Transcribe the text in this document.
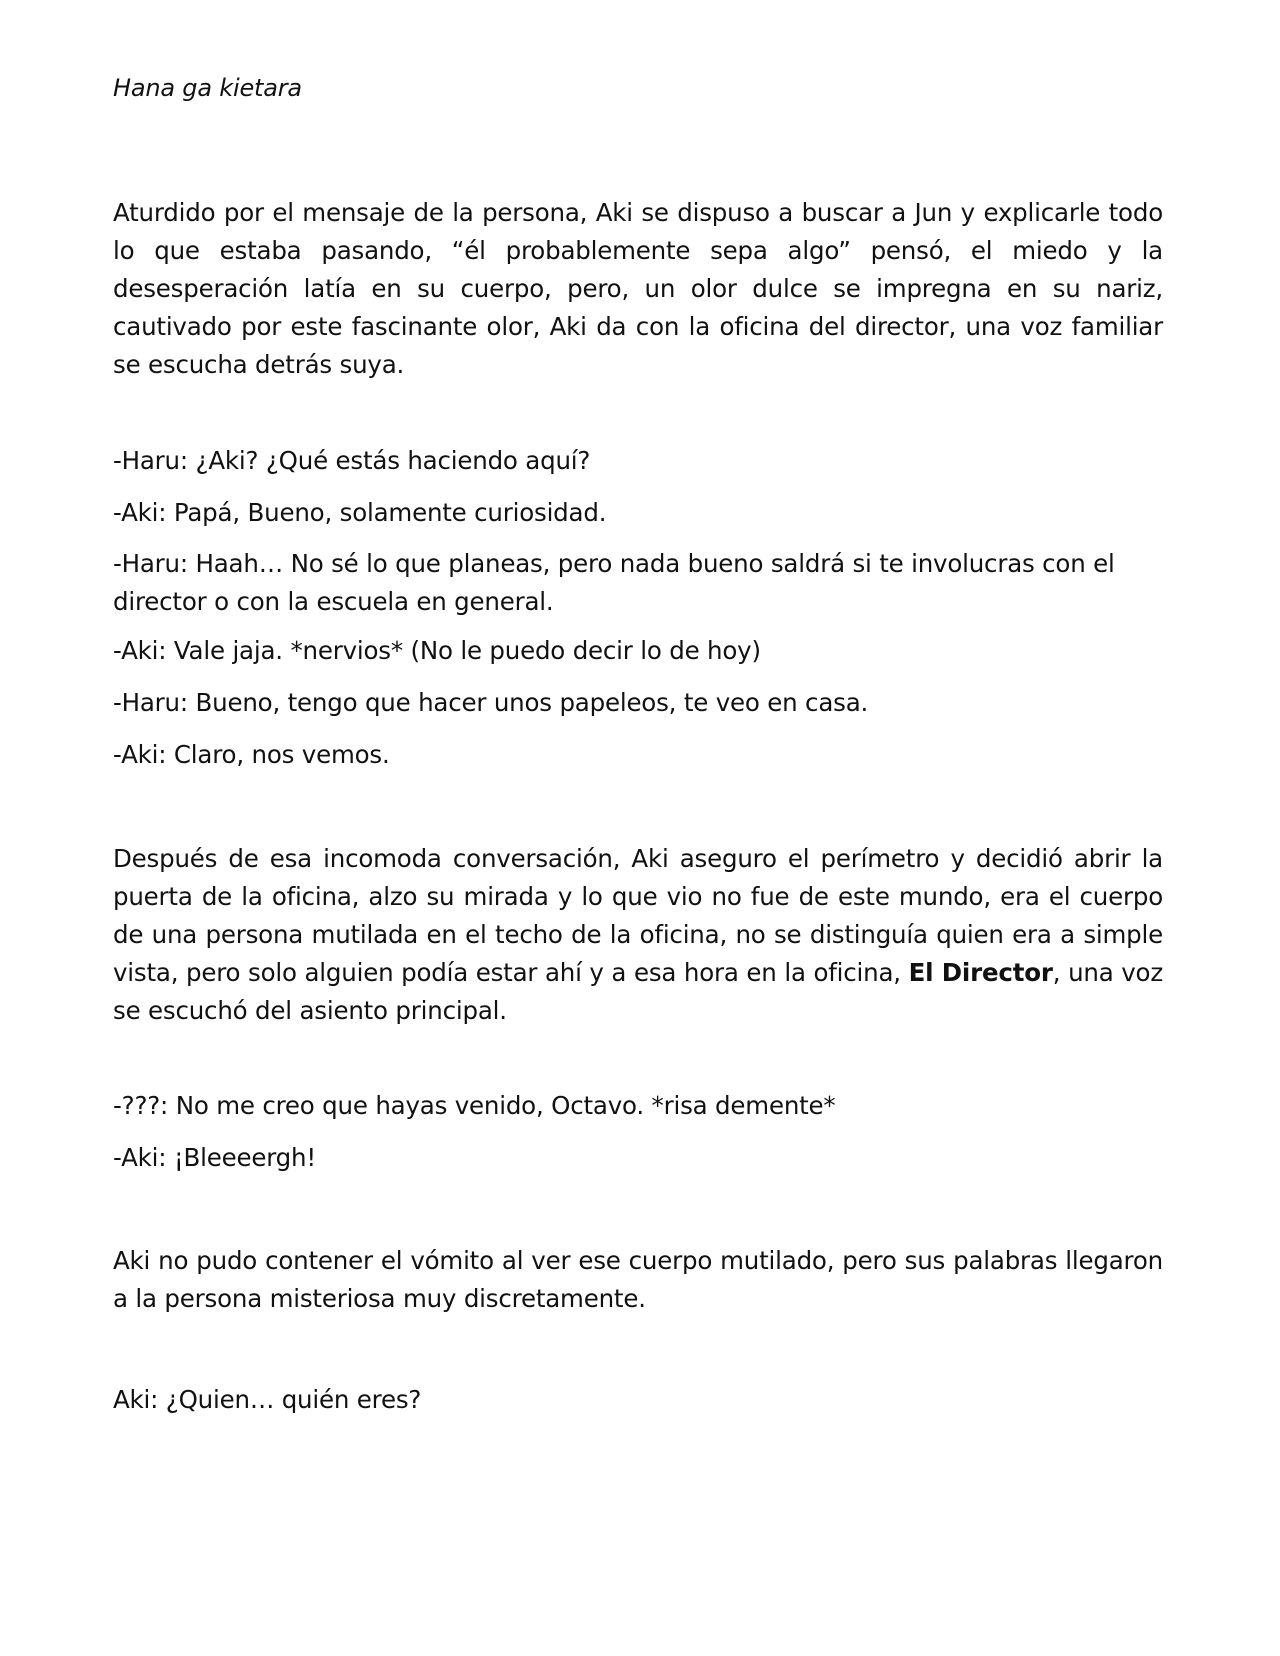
Hana ga kietara

Aturdido por el mensaje de la persona, Aki se dispuso a buscar a Jun y explicarle todo lo que estaba pasando, “él probablemente sepa algo” pensó, el miedo y la desesperación latía en su cuerpo, pero, un olor dulce se impregna en su nariz, cautivado por este fascinante olor, Aki da con la oficina del director, una voz familiar se escucha detrás suya.

-Haru: ¿Aki? ¿Qué estás haciendo aquí?

-Aki: Papá, Bueno, solamente curiosidad.

-Haru: Haah… No sé lo que planeas, pero nada bueno saldrá si te involucras con el director o con la escuela en general.

-Aki: Vale jaja. *nervios* (No le puedo decir lo de hoy)

-Haru: Bueno, tengo que hacer unos papeleos, te veo en casa.

-Aki: Claro, nos vemos.

Después de esa incomoda conversación, Aki aseguro el perímetro y decidió abrir la puerta de la oficina, alzo su mirada y lo que vio no fue de este mundo, era el cuerpo de una persona mutilada en el techo de la oficina, no se distinguía quien era a simple vista, pero solo alguien podía estar ahí y a esa hora en la oficina, El Director, una voz se escuchó del asiento principal.

-???: No me creo que hayas venido, Octavo. *risa demente*

-Aki: ¡Bleeeergh!

Aki no pudo contener el vómito al ver ese cuerpo mutilado, pero sus palabras llegaron a la persona misteriosa muy discretamente.

Aki: ¿Quien… quién eres?
